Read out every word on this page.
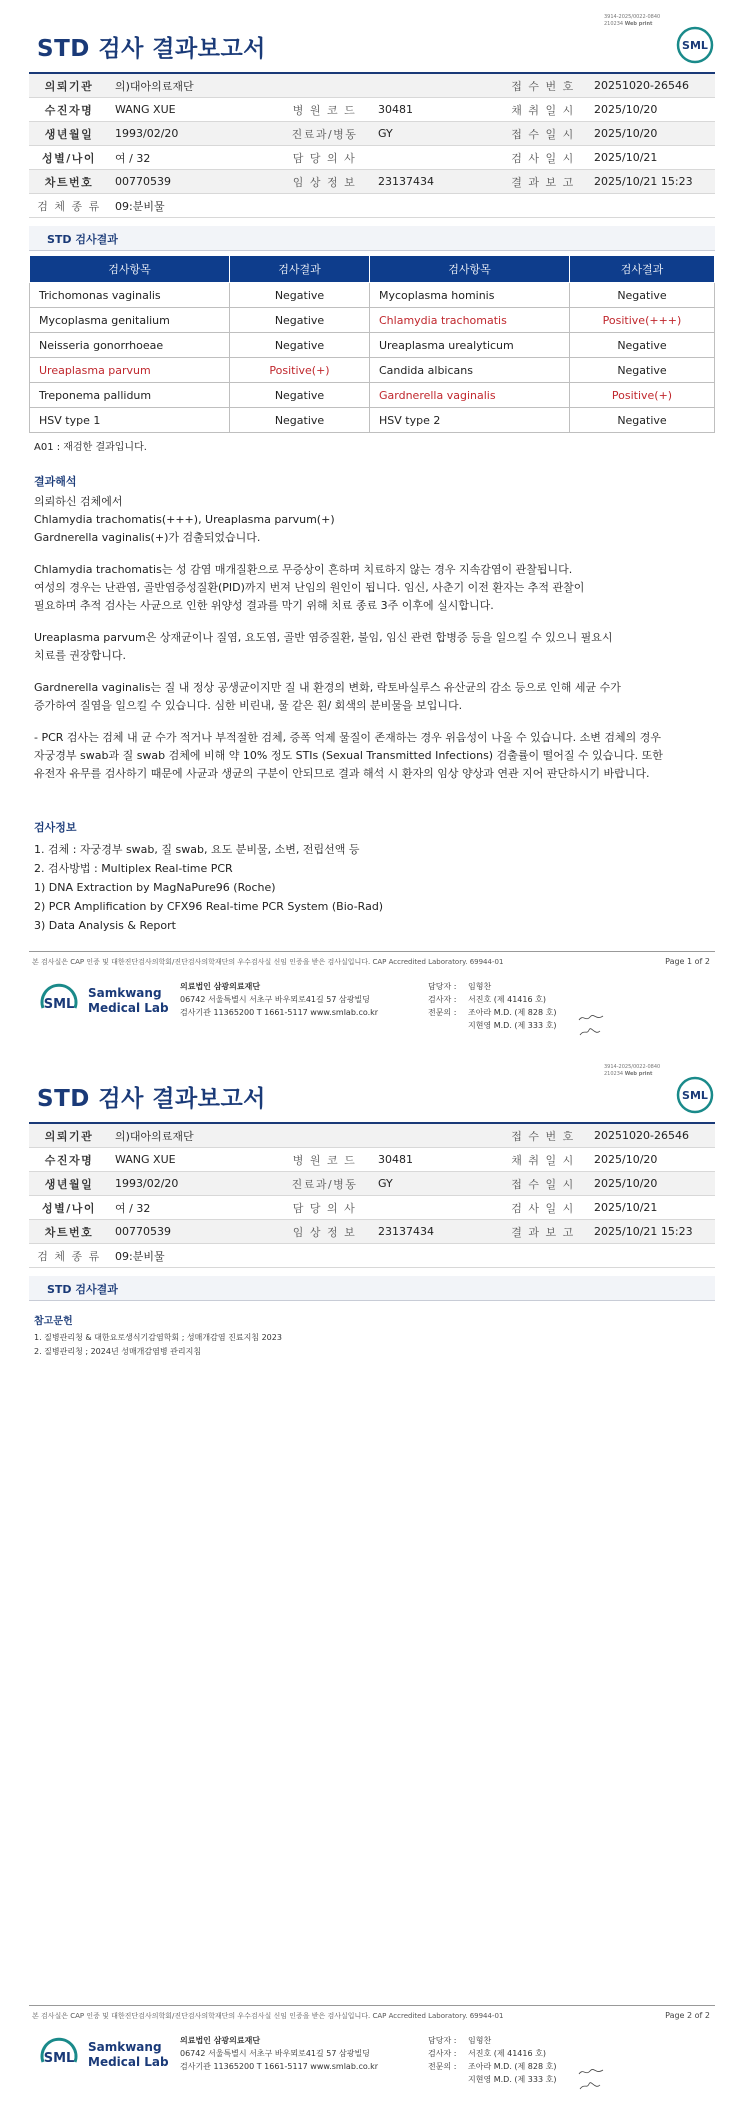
3914-2025/0022-0840
210234 Web print
STD 검사 결과보고서	SML
의뢰기관	의)대아의료재단			접 수 번 호	20251020-26546
수진자명	WANG XUE	병 원 코 드	30481	채 취 일 시	2025/10/20
생년월일	1993/02/20	진료과/병동	GY	접 수 일 시	2025/10/20
성별/나이	여 / 32	담 당 의 사		검 사 일 시	2025/10/21
차트번호	00770539	임 상 정 보	23137434	결 과 보 고	2025/10/21 15:23
검 체 종 류	09:분비물				
STD 검사결과
검사항목	검사결과	검사항목	검사결과
Trichomonas vaginalis	Negative	Mycoplasma hominis	Negative
Mycoplasma genitalium	Negative	Chlamydia trachomatis	Positive(+++)
Neisseria gonorrhoeae	Negative	Ureaplasma urealyticum	Negative
Ureaplasma parvum	Positive(+)	Candida albicans	Negative
Treponema pallidum	Negative	Gardnerella vaginalis	Positive(+)
HSV type 1	Negative	HSV type 2	Negative
A01 : 재검한 결과입니다.
결과해석

의뢰하신 검체에서
Chlamydia trachomatis(+++), Ureaplasma parvum(+)
Gardnerella vaginalis(+)가 검출되었습니다.

Chlamydia trachomatis는 성 감염 매개질환으로 무증상이 흔하며 치료하지 않는 경우 지속감염이 관찰됩니다.
여성의 경우는 난관염, 골반염증성질환(PID)까지 번져 난임의 원인이 됩니다. 임신, 사춘기 이전 환자는 추적 관찰이
필요하며 추적 검사는 사균으로 인한 위양성 결과를 막기 위해 치료 종료 3주 이후에 실시합니다.

Ureaplasma parvum은 상재균이나 질염, 요도염, 골반 염증질환, 불임, 임신 관련 합병증 등을 일으킬 수 있으니 필요시
치료를 권장합니다.

Gardnerella vaginalis는 질 내 정상 공생균이지만 질 내 환경의 변화, 락토바실루스 유산균의 감소 등으로 인해 세균 수가
증가하여 질염을 일으킬 수 있습니다. 심한 비린내, 물 같은 흰/ 회색의 분비물을 보입니다.

- PCR 검사는 검체 내 균 수가 적거나 부적절한 검체, 증폭 억제 물질이 존재하는 경우 위음성이 나올 수 있습니다. 소변 검체의 경우
자궁경부 swab과 질 swab 검체에 비해 약 10% 정도 STIs (Sexual Transmitted Infections) 검출률이 떨어질 수 있습니다. 또한
유전자 유무를 검사하기 때문에 사균과 생균의 구분이 안되므로 결과 해석 시 환자의 임상 양상과 연관 지어 판단하시기 바랍니다.

검사정보
1. 검체 : 자궁경부 swab, 질 swab, 요도 분비물, 소변, 전립선액 등
2. 검사방법 : Multiplex Real-time PCR
1) DNA Extraction by MagNaPure96 (Roche)
2) PCR Amplification by CFX96 Real-time PCR System (Bio-Rad)
3) Data Analysis & Report
본 검사실은 CAP 인증 및 대한진단검사의학회/진단검사의학재단의 우수검사실 신임 인증을 받은 검사실입니다. CAP Accredited Laboratory. 69944-01	Page 1 of 2
SML
Samkwang
Medical Lab
의료법인 삼광의료재단
06742 서울특별시 서초구 바우뫼로41길 57 삼광빌딩
검사기관 11365200 T 1661-5117 www.smlab.co.kr
담당자 :	임형찬
검사자 :	서진호 (제 41416 호)
전문의 :	조아라 M.D. (제 828 호)
지현영 M.D. (제 333 호)
3914-2025/0022-0840
210234 Web print
STD 검사 결과보고서	SML
의뢰기관	의)대아의료재단			접 수 번 호	20251020-26546
수진자명	WANG XUE	병 원 코 드	30481	채 취 일 시	2025/10/20
생년월일	1993/02/20	진료과/병동	GY	접 수 일 시	2025/10/20
성별/나이	여 / 32	담 당 의 사		검 사 일 시	2025/10/21
차트번호	00770539	임 상 정 보	23137434	결 과 보 고	2025/10/21 15:23
검 체 종 류	09:분비물				
STD 검사결과
참고문헌
1. 질병관리청 & 대한요로생식기감염학회 ; 성매개감염 진료지침 2023
2. 질병관리청 ; 2024년 성매개감염병 관리지침
본 검사실은 CAP 인증 및 대한진단검사의학회/진단검사의학재단의 우수검사실 신임 인증을 받은 검사실입니다. CAP Accredited Laboratory. 69944-01	Page 2 of 2
SML
Samkwang
Medical Lab
의료법인 삼광의료재단
06742 서울특별시 서초구 바우뫼로41길 57 삼광빌딩
검사기관 11365200 T 1661-5117 www.smlab.co.kr
담당자 :	임형찬
검사자 :	서진호 (제 41416 호)
전문의 :	조아라 M.D. (제 828 호)
지현영 M.D. (제 333 호)
